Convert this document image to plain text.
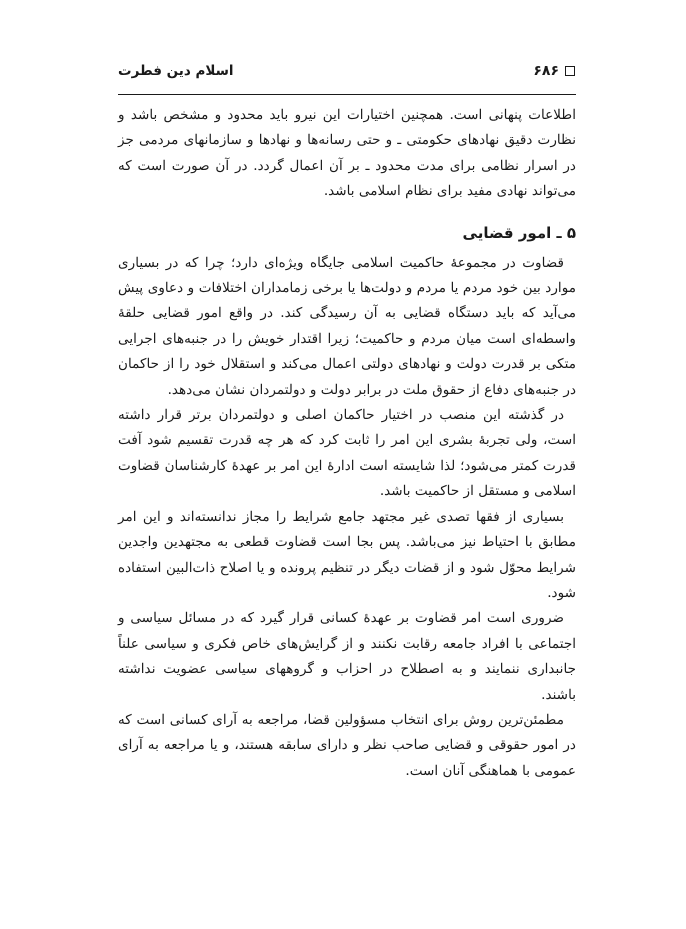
۶۸۶
اسلام دین فطرت

اطلاعات پنهانی است. همچنین اختیارات این نیرو باید محدود و مشخص باشد و نظارت دقیق نهادهای حکومتی ـ و حتی رسانه‌ها و نهادها و سازمانهای مردمی جز در اسرار نظامی برای مدت محدود ـ بر آن اعمال گردد. در آن صورت است که می‌تواند نهادی مفید برای نظام اسلامی باشد.

۵ ـ امور قضایی

قضاوت در مجموعهٔ حاکمیت اسلامی جایگاه ویژه‌ای دارد؛ چرا که در بسیاری موارد بین خود مردم یا مردم و دولت‌ها یا برخی زمامداران اختلافات و دعاوی پیش می‌آید که باید دستگاه قضایی به آن رسیدگی کند. در واقع امور قضایی حلقهٔ واسطه‌ای است میان مردم و حاکمیت؛ زیرا اقتدار خویش را در جنبه‌های اجرایی متکی بر قدرت دولت و نهادهای دولتی اعمال می‌کند و استقلال خود را از حاکمان در جنبه‌های دفاع از حقوق ملت در برابر دولت و دولتمردان نشان می‌دهد.

در گذشته این منصب در اختیار حاکمان اصلی و دولتمردان برتر قرار داشته است، ولی تجربهٔ بشری این امر را ثابت کرد که هر چه قدرت تقسیم شود آفت قدرت کمتر می‌شود؛ لذا شایسته است ادارهٔ این امر بر عهدهٔ کارشناسان قضاوت اسلامی و مستقل از حاکمیت باشد.

بسیاری از فقها تصدی غیر مجتهد جامع شرایط را مجاز ندانسته‌اند و این امر مطابق با احتیاط نیز می‌باشد. پس بجا است قضاوت قطعی به مجتهدین واجدین شرایط محوّل شود و از قضات دیگر در تنظیم پرونده و یا اصلاح ذات‌البین استفاده شود.

ضروری است امر قضاوت بر عهدهٔ کسانی قرار گیرد که در مسائل سیاسی و اجتماعی با افراد جامعه رقابت نکنند و از گرایش‌های خاص فکری و سیاسی علناً جانبداری ننمایند و به اصطلاح در احزاب و گروههای سیاسی عضویت نداشته باشند.

مطمئن‌ترین روش برای انتخاب مسؤولین قضا، مراجعه به آرای کسانی است که در امور حقوقی و قضایی صاحب نظر و دارای سابقه هستند، و یا مراجعه به آرای عمومی با هماهنگی آنان است.
